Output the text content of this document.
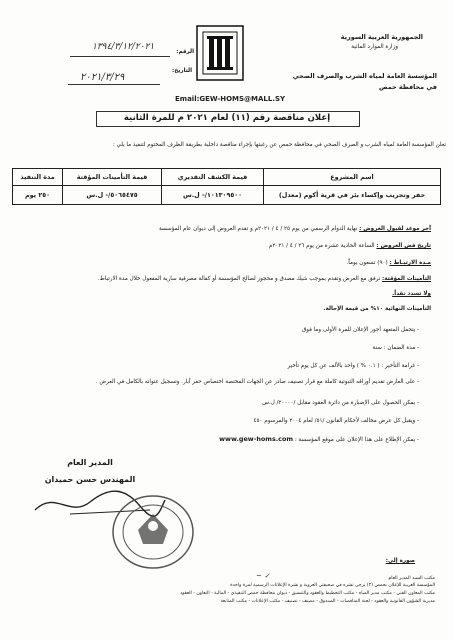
الجمهورية العربية السورية
وزارة الموارد المائية
المؤسسة العامة لمياه الشرب والصرف الصحي
في محافظة حمص
الرقم:
١٣٩٤/٣/١٢/٢٠٢١
التاريخ:
٢٠٢١/٣/٢٩
Email:GEW-HOMS@MALL.SY
إعلان مناقصة رقم (١١) لعام ٢٠٢١ م للمرة الثانية
تعلن المؤسسة العامة لمياه الشرب و الصرف الصحي في محافظة حمص عن رغبتها بإجراء مناقصة داخلية بطريقة الظرف المختوم لتنفيذ ما يلي :
اسم المشروع	قيمة الكشف التقديري	قيمة التأمينات المؤقتة	مدة التنفيذ
حفر وتجريب وإكساء بئر في قرية أكوم (معدل)	١٠١٣٠٩٥٠٠/- ل.س	٥٠٦٥٤٧٥/- ل.س	٢٥٠ يوم
آخر موعد لقبول العروض : نهاية الدوام الرسمي من يوم ٢٥ / ٤ / ٢٠٢١م و تقدم العروض إلى ديوان عام المؤسسة
تاريخ فض العروض : الساعة الحادية عشرة من يوم ٢٦ / ٤ / ٢٠٢١م
مـدة الارتبـاط : (٩٠) تسعون يوماً.
التأمينات المؤقتة: ترفق مع العرض وتقدم بموجب شيك مصدق و محجوز لصالح المؤسسة أو كفالة مصرفية سارية المفعول خلال مدة الارتباط.
ولا تسدد نقداً.
التأمينات النهائية ١٠% من قيمة الإحالة.
- يتحمل المتعهد أجور الإعلان للمرة الأولى وما فوق
- مدة الضمان : سنة
- غرامة التأخير : ( ٠.١ % ) واحد بالألف عن كل يوم تأخير
- على العارض تقديم أوراقه الثبوتية كاملة مع قرار تصنيف صادر عن الجهات المختصة اختصاص حفر آبار. وتسجيل عنوانه بالكامل في العرض .
- يمكن الحصول على الإضبارة من دائرة العقود مقابل /٢٠٠٠٠/ ل.س
- ويقبل كل عرض مخالف لأحكام القانون /٥١/ لعام ٢٠٠٤ والمرسوم ٤٥٠
- يمكن الإطلاع على هذا الإعلان على موقع المؤسسة : www.gew-homs.com
المدير العام
المهندس حسن حميدان
صورة إلى:
~ ✓	مكتب السيد المدير العام
المؤسسة العربية للإعلان بحمص (٢) يرجى نشره في صحيفتي العروبة و نشرة الإعلانات الرسمية لمرة واحدة
مكتب المعاون الفني - مكتب مدير المياه - مكتب التخطيط والعقود والتنسيق - ديوان محافظة حمص التنفيذي - المالية - التعاون - العقود
مديرية الشؤون القانونية والعقود - لجنة المناقصات - الصندوق - مصنف - تصنيف - مكتب الإعلانات - مكتب المتابعة
